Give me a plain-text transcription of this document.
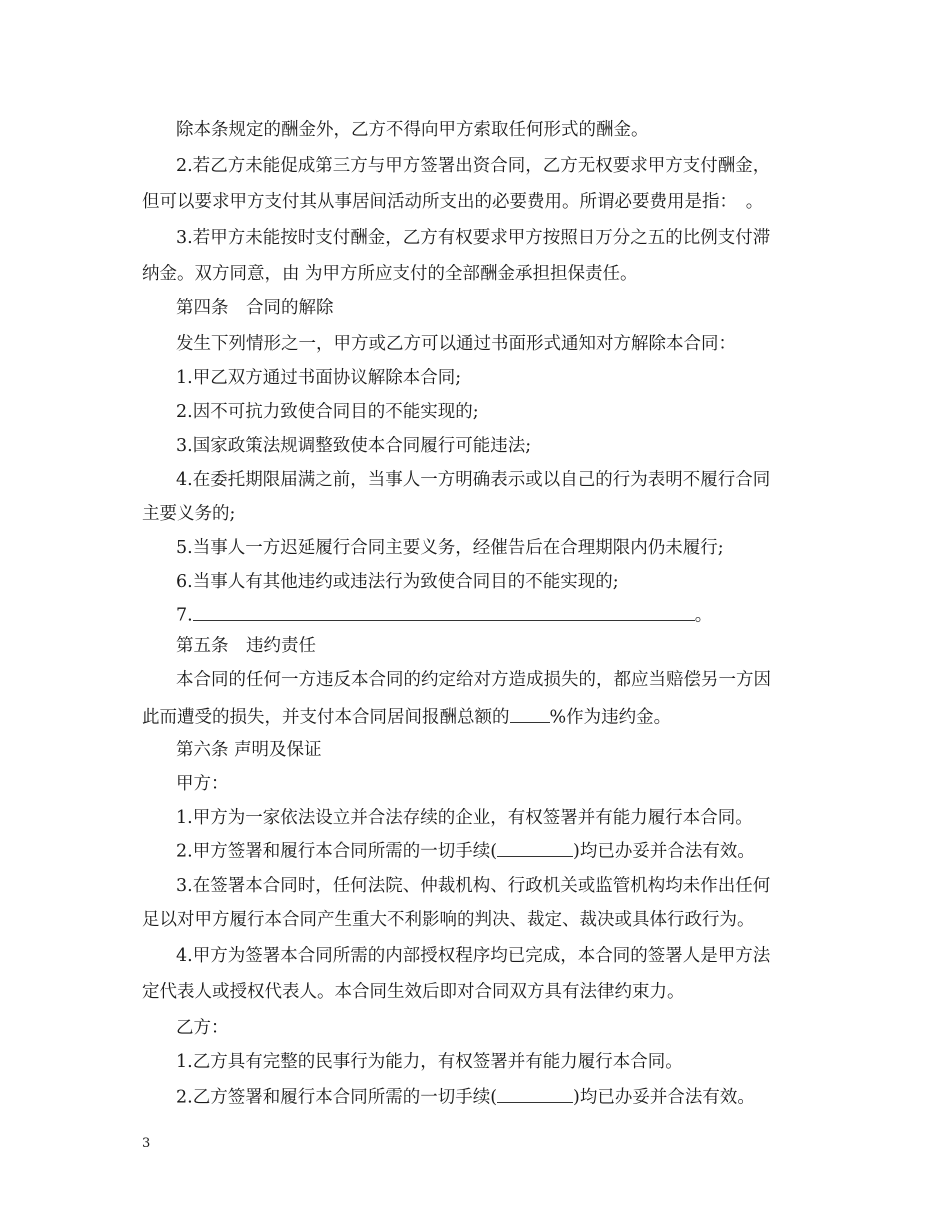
除本条规定的酬金外，乙方不得向甲方索取任何形式的酬金。
2.若乙方未能促成第三方与甲方签署出资合同，乙方无权要求甲方支付酬金，
但可以要求甲方支付其从事居间活动所支出的必要费用。所谓必要费用是指：　。
3.若甲方未能按时支付酬金，乙方有权要求甲方按照日万分之五的比例支付滞
纳金。双方同意，由 为甲方所应支付的全部酬金承担担保责任。
第四条　合同的解除
发生下列情形之一，甲方或乙方可以通过书面形式通知对方解除本合同：
1.甲乙双方通过书面协议解除本合同;
2.因不可抗力致使合同目的不能实现的;
3.国家政策法规调整致使本合同履行可能违法;
4.在委托期限届满之前，当事人一方明确表示或以自己的行为表明不履行合同
主要义务的;
5.当事人一方迟延履行合同主要义务，经催告后在合理期限内仍未履行;
6.当事人有其他违约或违法行为致使合同目的不能实现的;
7.	。
第五条　违约责任
本合同的任何一方违反本合同的约定给对方造成损失的，都应当赔偿另一方因
此而遭受的损失，并支付本合同居间报酬总额的 %作为违约金。
第六条 声明及保证
甲方：
1.甲方为一家依法设立并合法存续的企业，有权签署并有能力履行本合同。
2.甲方签署和履行本合同所需的一切手续(	)均已办妥并合法有效。
3.在签署本合同时，任何法院、仲裁机构、行政机关或监管机构均未作出任何
足以对甲方履行本合同产生重大不利影响的判决、裁定、裁决或具体行政行为。
4.甲方为签署本合同所需的内部授权程序均已完成，本合同的签署人是甲方法
定代表人或授权代表人。本合同生效后即对合同双方具有法律约束力。
乙方：
1.乙方具有完整的民事行为能力，有权签署并有能力履行本合同。
2.乙方签署和履行本合同所需的一切手续(	)均已办妥并合法有效。
3
